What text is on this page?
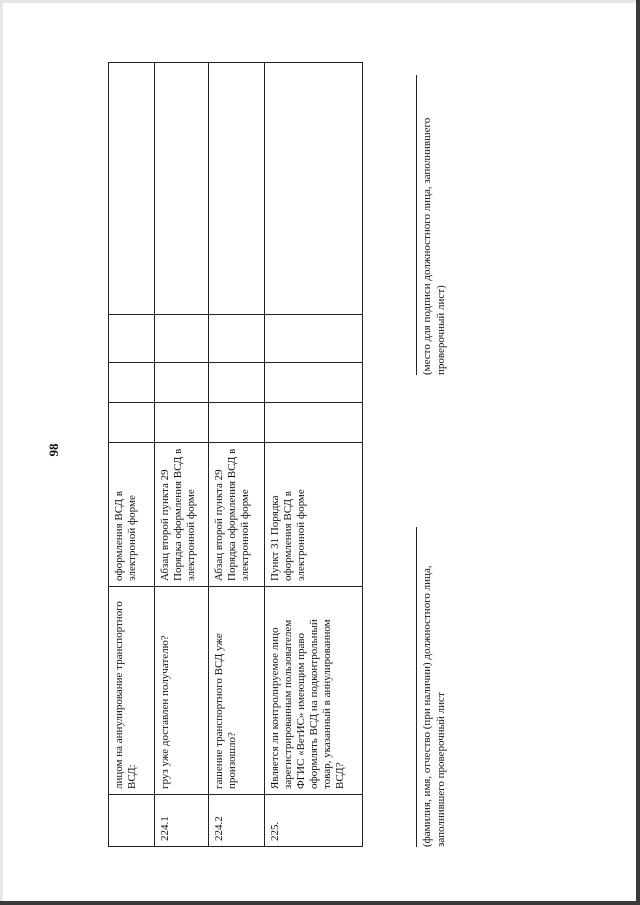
98
	лицом на аннулирование транспортного ВСД:	оформления ВСД в электроной форме				
224.1	груз уже доставлен получателю?	Абзац второй пункта 29 Порядка оформления ВСД в электронной форме				
224.2	гашение транспортного ВСД уже произошло?	Абзац второй пункта 29 Порядка оформления ВСД в электронной форме				
225.	Является ли контролируемое лицо зарегистрированным пользователем ФГИС «ВетИС» имеющим право оформлять ВСД на подконтрольный товар, указанный в аннулированном ВСД?	Пункт 31 Порядка оформления ВСД в электронной форме				
(фамилия, имя, отчество (при наличии) должностного лица, заполнившего проверочный лист
(место для подписи должностного лица, заполнившего проверочный лист)
